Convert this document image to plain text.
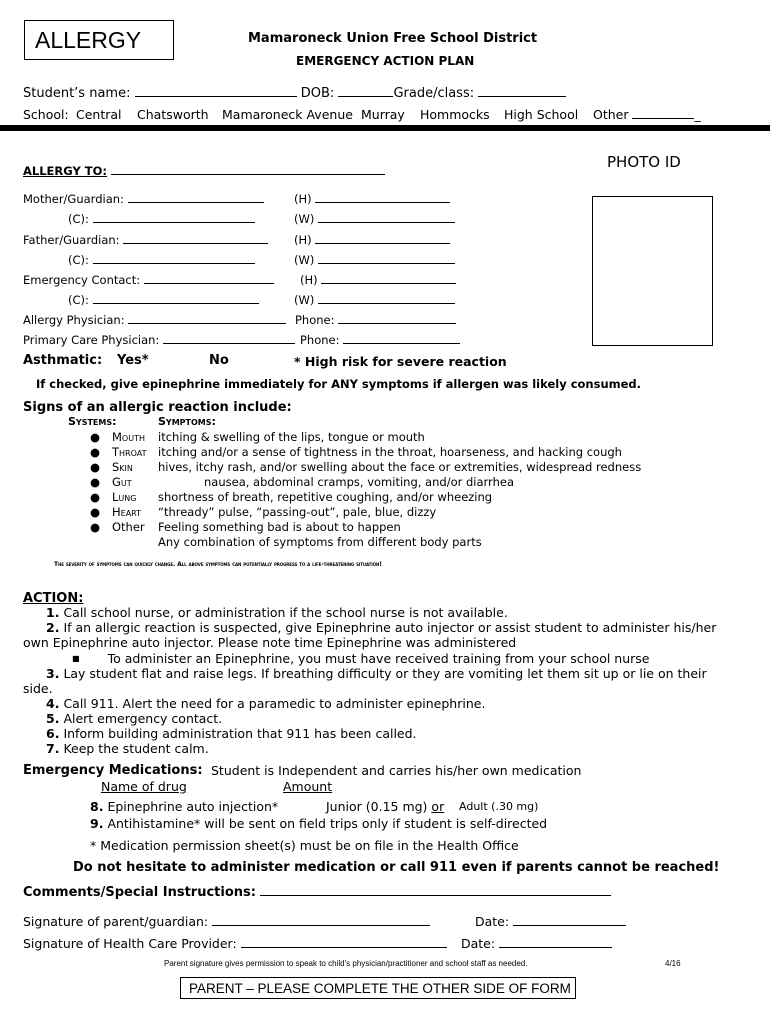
ALLERGY	Mamaroneck Union Free School District
EMERGENCY ACTION PLAN
Student’s name:	DOB:	Grade/class:
School: Central Chatsworth Mamaroneck Avenue Murray Hommocks High School Other	_
PHOTO ID
ALLERGY TO:
Mother/Guardian:	(H)
(C):	(W)
Father/Guardian:	(H)
(C):	(W)
Emergency Contact:	(H)
(C):	(W)
Allergy Physician:	Phone:
Primary Care Physician:	Phone:
Asthmatic: Yes*	No	* High risk for severe reaction
If checked, give epinephrine immediately for ANY symptoms if allergen was likely consumed.
Signs of an allergic reaction include:
Systems:	Symptoms:
● Mouth itching & swelling of the lips, tongue or mouth
● Throat itching and/or a sense of tightness in the throat, hoarseness, and hacking cough
● Skin hives, itchy rash, and/or swelling about the face or extremities, widespread redness
● Gut	nausea, abdominal cramps, vomiting, and/or diarrhea
● Lung shortness of breath, repetitive coughing, and/or wheezing
● Heart “thready” pulse, “passing-out”, pale, blue, dizzy
● Other Feeling something bad is about to happen
Any combination of symptoms from different body parts
The severity of symptoms can quickly change. All above symptoms can potentially progress to a life-threatening situation!
ACTION:
1. Call school nurse, or administration if the school nurse is not available.
2. If an allergic reaction is suspected, give Epinephrine auto injector or assist student to administer his/her
own Epinephrine auto injector. Please note time Epinephrine was administered
■ To administer an Epinephrine, you must have received training from your school nurse
3. Lay student flat and raise legs. If breathing difficulty or they are vomiting let them sit up or lie on their
side.
4. Call 911. Alert the need for a paramedic to administer epinephrine.
5. Alert emergency contact.
6. Inform building administration that 911 has been called.
7. Keep the student calm.
Emergency Medications: Student is Independent and carries his/her own medication
Name of drug	Amount
8. Epinephrine auto injection*	Junior (0.15 mg) or Adult (.30 mg)
9. Antihistamine* will be sent on field trips only if student is self-directed
* Medication permission sheet(s) must be on file in the Health Office
Do not hesitate to administer medication or call 911 even if parents cannot be reached!
Comments/Special Instructions:
Signature of parent/guardian:	Date:
Signature of Health Care Provider:	Date:
Parent signature gives permission to speak to child’s physician/practitioner and school staff as needed.	4/16
PARENT – PLEASE COMPLETE THE OTHER SIDE OF FORM
